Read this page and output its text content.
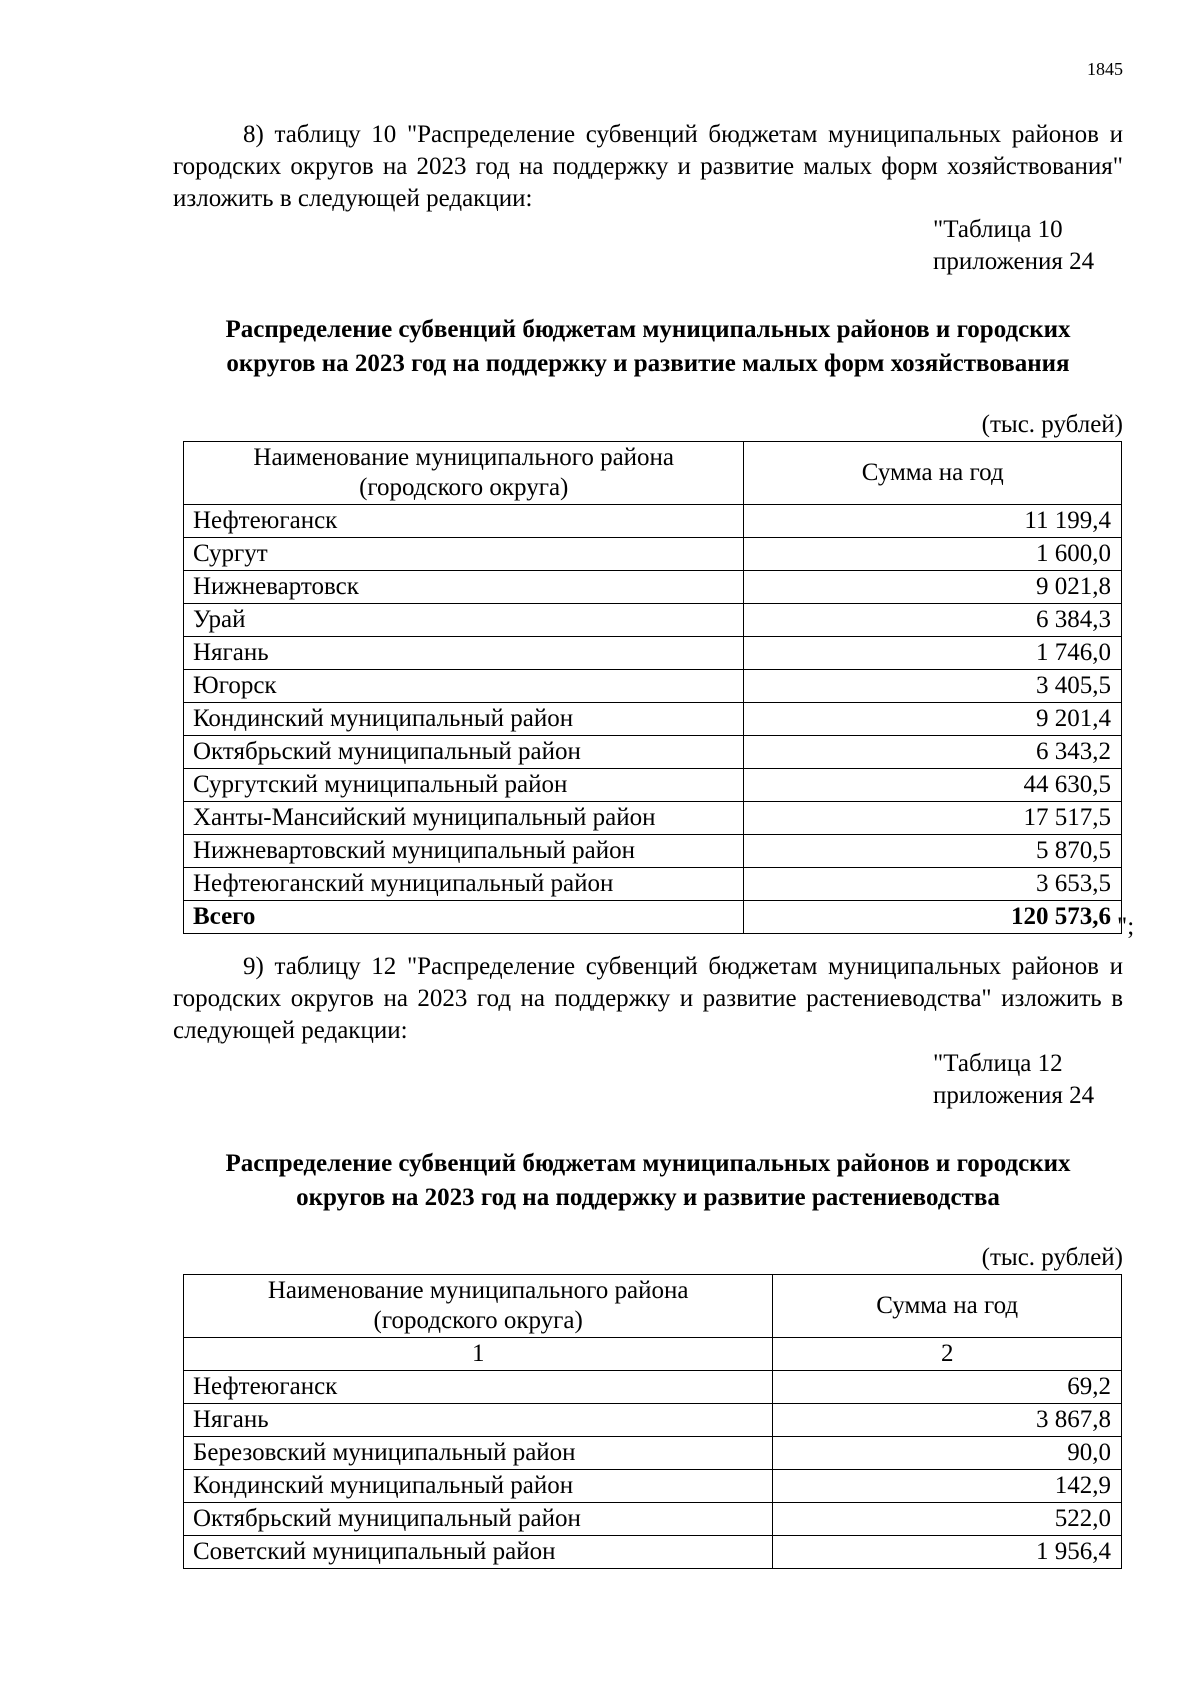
1845

8) таблицу 10 "Распределение субвенций бюджетам муниципальных районов и городских округов на 2023 год на поддержку и развитие малых форм хозяйствования" изложить в следующей редакции:

"Таблица 10
приложения 24
Распределение субвенций бюджетам муниципальных районов и городских
округов на 2023 год на поддержку и развитие малых форм хозяйствования
(тыс. рублей)
Наименование муниципального района
(городского округа)	Сумма на год
Нефтеюганск	11 199,4
Сургут	1 600,0
Нижневартовск	9 021,8
Урай	6 384,3
Нягань	1 746,0
Югорск	3 405,5
Кондинский муниципальный район	9 201,4
Октябрьский муниципальный район	6 343,2
Сургутский муниципальный район	44 630,5
Ханты-Мансийский муниципальный район	17 517,5
Нижневартовский муниципальный район	5 870,5
Нефтеюганский муниципальный район	3 653,5
Всего	120 573,6 ";

9) таблицу 12 "Распределение субвенций бюджетам муниципальных районов и городских округов на 2023 год на поддержку и развитие растениеводства" изложить в следующей редакции:

"Таблица 12
приложения 24
Распределение субвенций бюджетам муниципальных районов и городских
округов на 2023 год на поддержку и развитие растениеводства
(тыс. рублей)
Наименование муниципального района
(городского округа)	Сумма на год
1	2
Нефтеюганск	69,2
Нягань	3 867,8
Березовский муниципальный район	90,0
Кондинский муниципальный район	142,9
Октябрьский муниципальный район	522,0
Советский муниципальный район	1 956,4
